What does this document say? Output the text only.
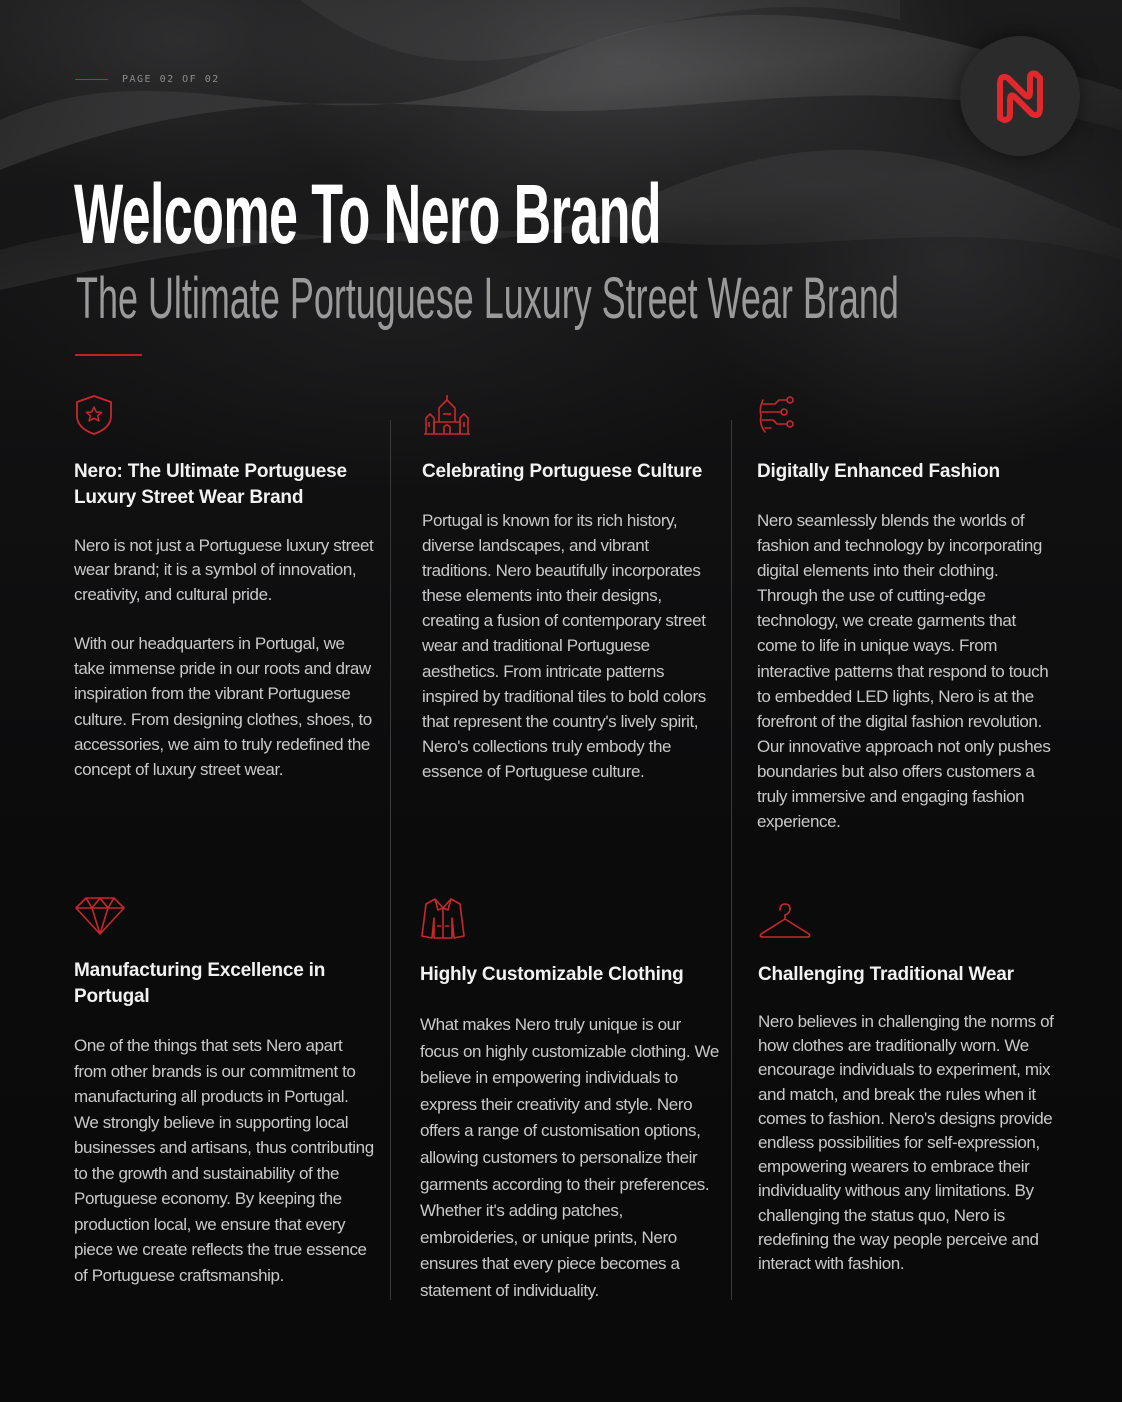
PAGE 02 OF 02
Welcome To Nero Brand
The Ultimate Portuguese Luxury Street Wear Brand
Nero: The Ultimate Portuguese Luxury Street Wear Brand

Nero is not just a Portuguese luxury street wear brand; it is a symbol of innovation, creativity, and cultural pride.

With our headquarters in Portugal, we take immense pride in our roots and draw inspiration from the vibrant Portuguese culture. From designing clothes, shoes, to accessories, we aim to truly redefined the concept of luxury street wear.

Celebrating Portuguese Culture

Portugal is known for its rich history, diverse landscapes, and vibrant traditions. Nero beautifully incorporates these elements into their designs, creating a fusion of contemporary street wear and traditional Portuguese aesthetics. From intricate patterns inspired by traditional tiles to bold colors that represent the country's lively spirit, Nero's collections truly embody the essence of Portuguese culture.

Digitally Enhanced Fashion

Nero seamlessly blends the worlds of fashion and technology by incorporating digital elements into their clothing. Through the use of cutting-edge technology, we create garments that come to life in unique ways. From interactive patterns that respond to touch to embedded LED lights, Nero is at the forefront of the digital fashion revolution. Our innovative approach not only pushes boundaries but also offers customers a truly immersive and engaging fashion experience.

Manufacturing Excellence in Portugal

One of the things that sets Nero apart from other brands is our commitment to manufacturing all products in Portugal. We strongly believe in supporting local businesses and artisans, thus contributing to the growth and sustainability of the Portuguese economy. By keeping the production local, we ensure that every piece we create reflects the true essence of Portuguese craftsmanship.

Highly Customizable Clothing

What makes Nero truly unique is our focus on highly customizable clothing. We believe in empowering individuals to express their creativity and style. Nero offers a range of customisation options, allowing customers to personalize their garments according to their preferences. Whether it's adding patches, embroideries, or unique prints, Nero ensures that every piece becomes a statement of individuality.

Challenging Traditional Wear

Nero believes in challenging the norms of how clothes are traditionally worn. We encourage individuals to experiment, mix and match, and break the rules when it comes to fashion. Nero's designs provide endless possibilities for self-expression, empowering wearers to embrace their individuality withous any limitations. By challenging the status quo, Nero is redefining the way people perceive and interact with fashion.
